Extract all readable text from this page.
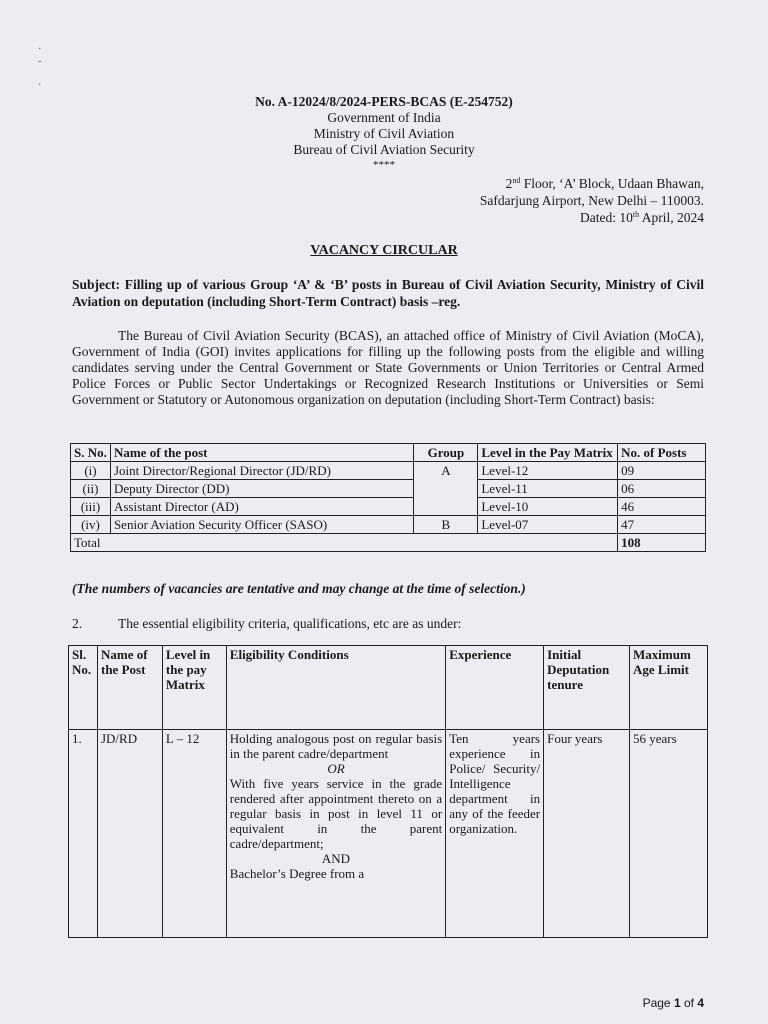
·
-

·
No. A-12024/8/2024-PERS-BCAS (E-254752)
Government of India
Ministry of Civil Aviation
Bureau of Civil Aviation Security
****
2nd Floor, ‘A’ Block, Udaan Bhawan,
Safdarjung Airport, New Delhi – 110003.
Dated: 10th April, 2024
VACANCY CIRCULAR
Subject: Filling up of various Group ‘A’ & ‘B’ posts in Bureau of Civil Aviation Security, Ministry of Civil Aviation on deputation (including Short-Term Contract) basis –reg.
The Bureau of Civil Aviation Security (BCAS), an attached office of Ministry of Civil Aviation (MoCA), Government of India (GOI) invites applications for filling up the following posts from the eligible and willing candidates serving under the Central Government or State Governments or Union Territories or Central Armed Police Forces or Public Sector Undertakings or Recognized Research Institutions or Universities or Semi Government or Statutory or Autonomous organization on deputation (including Short-Term Contract) basis:
S. No.	Name of the post	Group	Level in the Pay Matrix	No. of Posts
(i)	Joint Director/Regional Director (JD/RD)	A	Level-12	09
(ii)	Deputy Director (DD)		Level-11	06
(iii)	Assistant Director (AD)		Level-10	46
(iv)	Senior Aviation Security Officer (SASO)	B	Level-07	47
Total				108
(The numbers of vacancies are tentative and may change at the time of selection.)
2.	The essential eligibility criteria, qualifications, etc are as under:
Sl. No.	Name of the Post	Level in the pay Matrix	Eligibility Conditions	Experience	Initial Deputation tenure	Maximum Age Limit
1.	JD/RD	L – 12	Holding analogous post on regular basis in the parent cadre/department
OR
With five years service in the grade rendered after appointment thereto on a regular basis in post in level 11 or equivalent in the parent cadre/department;
AND
Bachelor’s Degree from a	Ten years experience in Police/ Security/ Intelligence department in any of the feeder organization.	Four years	56 years
Page 1 of 4
